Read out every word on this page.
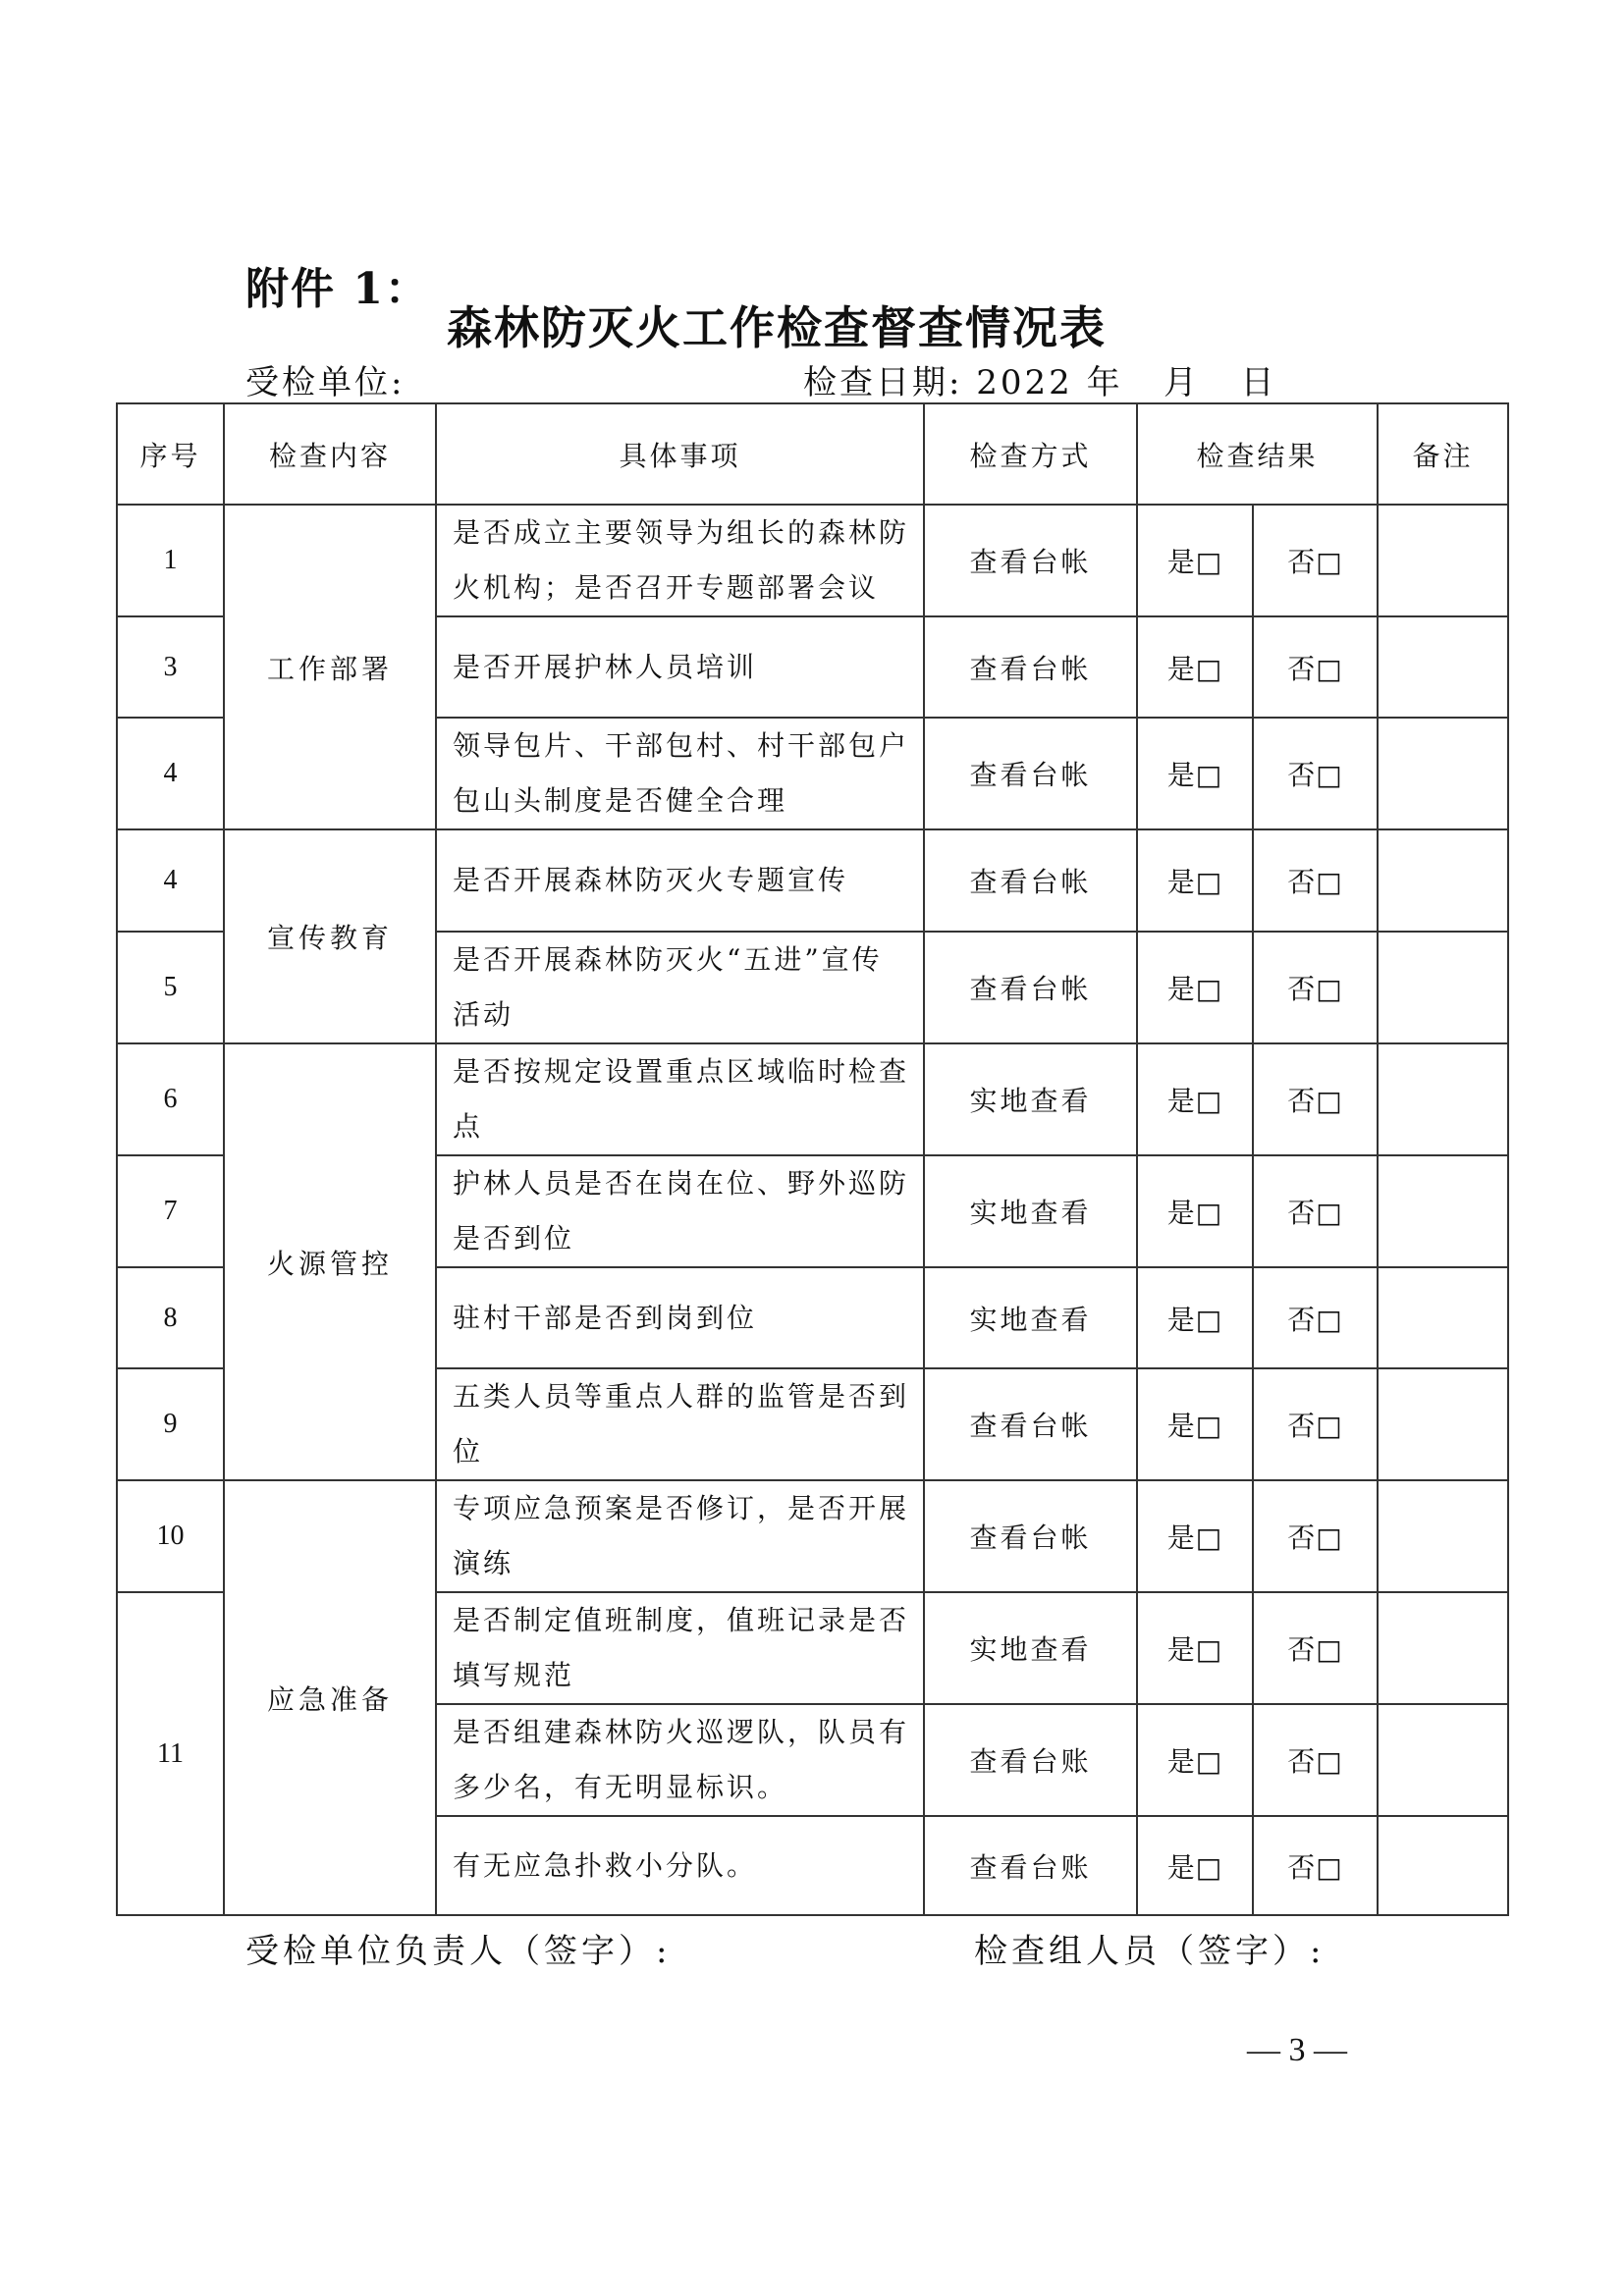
附件 1：
森林防灭火工作检查督查情况表
受检单位:	检查日期: 2022 年   月   日
序号	检查内容	具体事项	检查方式	检查结果		备注
1	工作部署	是否成立主要领导为组长的森林防火机构；是否召开专题部署会议	查看台帐	是□	否□	
3		是否开展护林人员培训	查看台帐	是□	否□	
4		领导包片、干部包村、村干部包户包山头制度是否健全合理	查看台帐	是□	否□	
4	宣传教育	是否开展森林防灭火专题宣传	查看台帐	是□	否□	
5		是否开展森林防灭火“五进”宣传活动	查看台帐	是□	否□	
6	火源管控	是否按规定设置重点区域临时检查点	实地查看	是□	否□	
7		护林人员是否在岗在位、野外巡防是否到位	实地查看	是□	否□	
8		驻村干部是否到岗到位	实地查看	是□	否□	
9		五类人员等重点人群的监管是否到位	查看台帐	是□	否□	
10	应急准备	专项应急预案是否修订，是否开展演练	查看台帐	是□	否□	
11		是否制定值班制度，值班记录是否填写规范	实地查看	是□	否□	
		是否组建森林防火巡逻队，队员有多少名，有无明显标识。	查看台账	是□	否□	
		有无应急扑救小分队。	查看台账	是□	否□	
受检单位负责人（签字）:	检查组人员（签字）:
— 3 —
